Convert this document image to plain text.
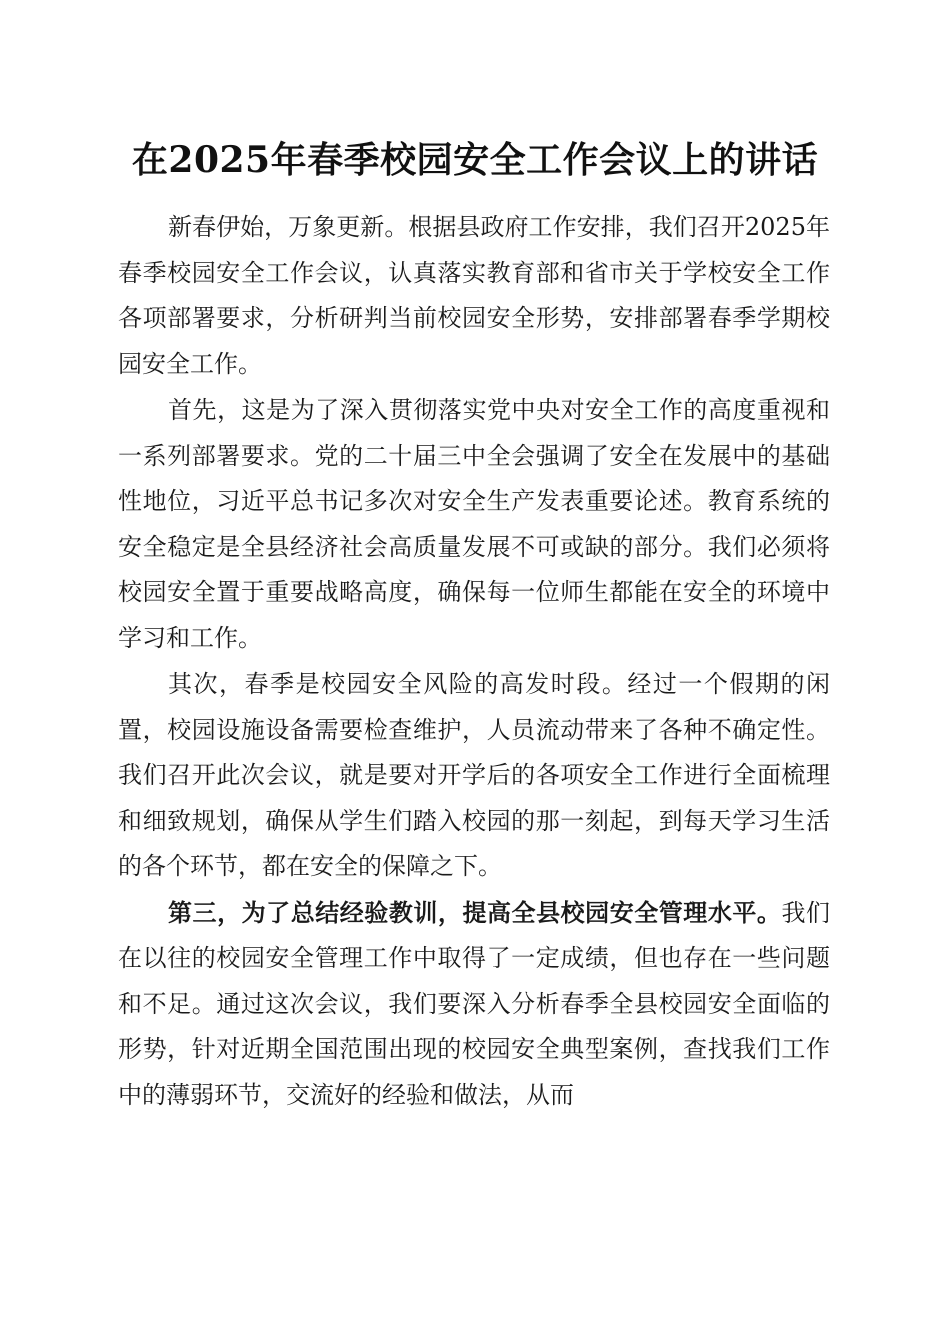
在2025年春季校园安全工作会议上的讲话

新春伊始，万象更新。根据县政府工作安排，我们召开2025年春季校园安全工作会议，认真落实教育部和省市关于学校安全工作各项部署要求，分析研判当前校园安全形势，安排部署春季学期校园安全工作。

首先，这是为了深入贯彻落实党中央对安全工作的高度重视和一系列部署要求。党的二十届三中全会强调了安全在发展中的基础性地位，习近平总书记多次对安全生产发表重要论述。教育系统的安全稳定是全县经济社会高质量发展不可或缺的部分。我们必须将校园安全置于重要战略高度，确保每一位师生都能在安全的环境中学习和工作。

其次，春季是校园安全风险的高发时段。经过一个假期的闲置，校园设施设备需要检查维护，人员流动带来了各种不确定性。我们召开此次会议，就是要对开学后的各项安全工作进行全面梳理和细致规划，确保从学生们踏入校园的那一刻起，到每天学习生活的各个环节，都在安全的保障之下。

第三，为了总结经验教训，提高全县校园安全管理水平。我们在以往的校园安全管理工作中取得了一定成绩，但也存在一些问题和不足。通过这次会议，我们要深入分析春季全县校园安全面临的形势，针对近期全国范围出现的校园安全典型案例，查找我们工作中的薄弱环节，交流好的经验和做法，从而
